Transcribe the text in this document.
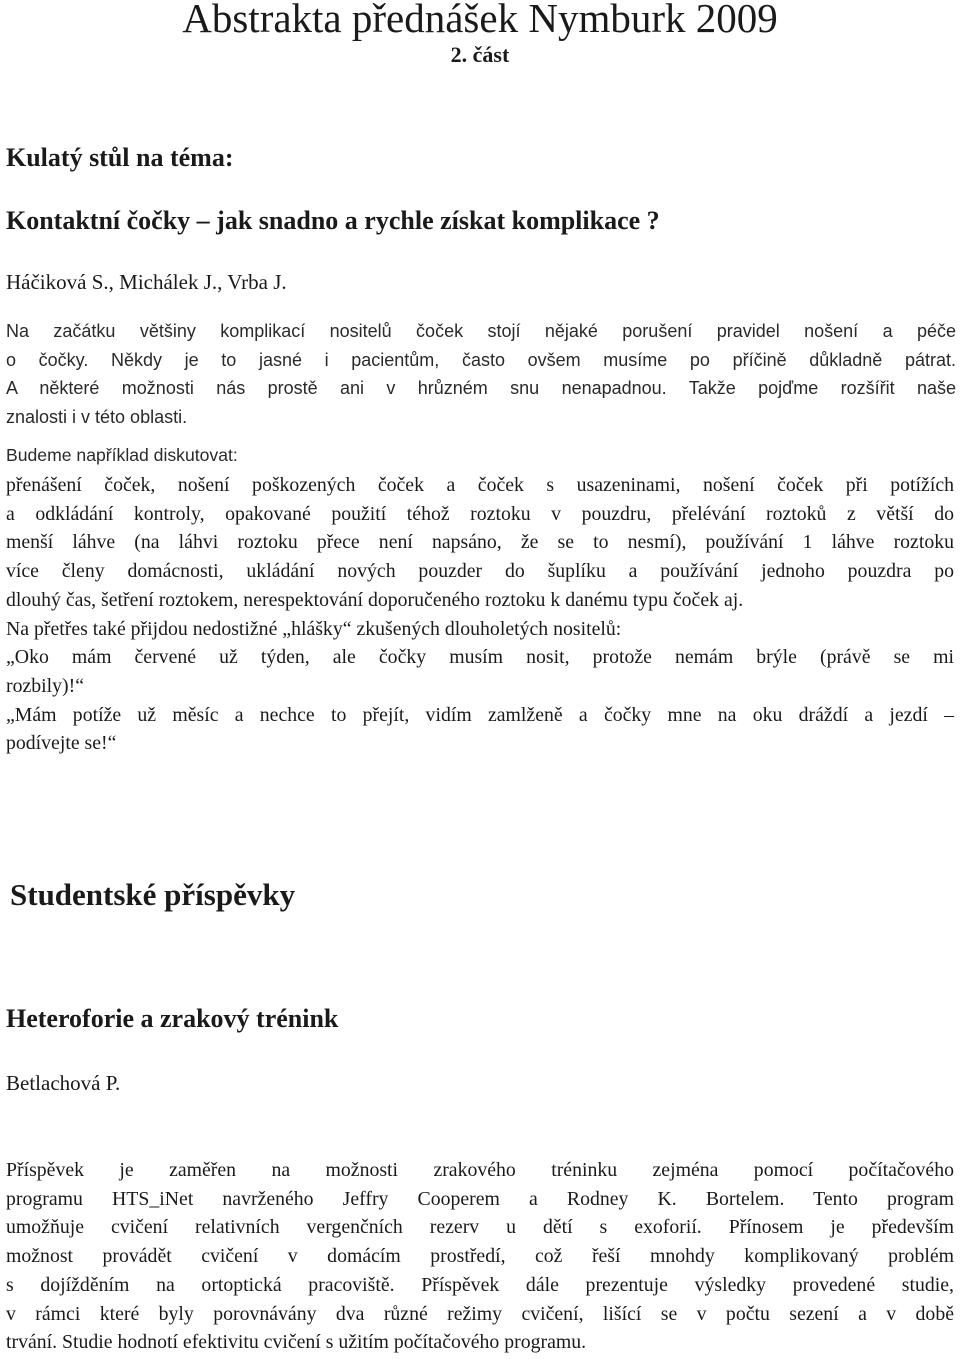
Abstrakta přednášek Nymburk 2009
2. část
Kulatý stůl na téma:
Kontaktní čočky – jak snadno a rychle získat komplikace ?
Háčiková S., Michálek J., Vrba J.
Na začátku většiny komplikací nositelů čoček stojí nějaké porušení pravidel nošení a péče
o čočky. Někdy je to jasné i pacientům, často ovšem musíme po příčině důkladně pátrat.
A některé možnosti nás prostě ani v hrůzném snu nenapadnou. Takže pojďme rozšířit naše
znalosti i v této oblasti.
Budeme například diskutovat:
přenášení čoček, nošení poškozených čoček a čoček s usazeninami, nošení čoček při potížích
a odkládání kontroly, opakované použití téhož roztoku v pouzdru, přelévání roztoků z větší do
menší láhve (na láhvi roztoku přece není napsáno, že se to nesmí), používání 1 láhve roztoku
více členy domácnosti, ukládání nových pouzder do šuplíku a používání jednoho pouzdra po
dlouhý čas, šetření roztokem, nerespektování doporučeného roztoku k danému typu čoček aj.
Na přetřes také přijdou nedostižné „hlášky“ zkušených dlouholetých nositelů:
„Oko mám červené už týden, ale čočky musím nosit, protože nemám brýle (právě se mi
rozbily)!“
„Mám potíže už měsíc a nechce to přejít, vidím zamlženě a čočky mne na oku dráždí a jezdí –
podívejte se!“
Studentské příspěvky
Heteroforie a zrakový trénink
Betlachová P.
Příspěvek je zaměřen na možnosti zrakového tréninku zejména pomocí počítačového
programu HTS_iNet navrženého Jeffry Cooperem a Rodney K. Bortelem. Tento program
umožňuje cvičení relativních vergenčních rezerv u dětí s exoforií. Přínosem je především
možnost provádět cvičení v domácím prostředí, což řeší mnohdy komplikovaný problém
s dojížděním na ortoptická pracoviště. Příspěvek dále prezentuje výsledky provedené studie,
v rámci které byly porovnávány dva různé režimy cvičení, lišící se v počtu sezení a v době
trvání. Studie hodnotí efektivitu cvičení s užitím počítačového programu.
